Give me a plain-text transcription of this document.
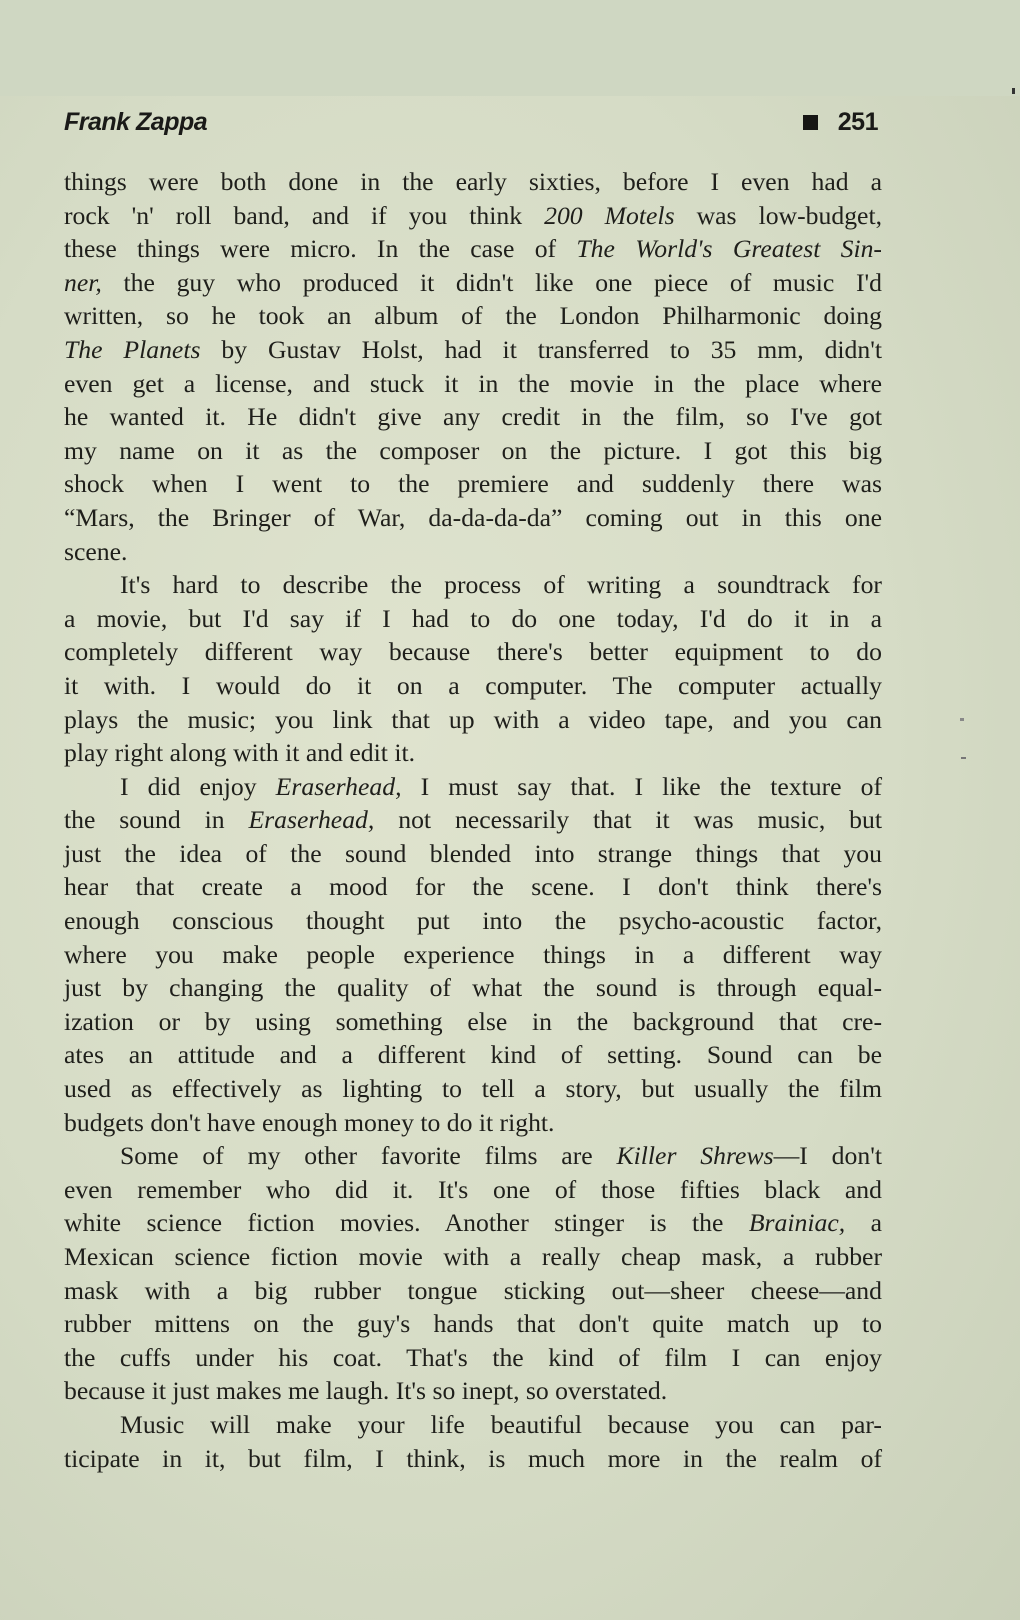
Frank Zappa	251
things were both done in the early sixties, before I even had a
rock 'n' roll band, and if you think 200 Motels was low-budget,
these things were micro. In the case of The World's Greatest Sin-
ner, the guy who produced it didn't like one piece of music I'd
written, so he took an album of the London Philharmonic doing
The Planets by Gustav Holst, had it transferred to 35 mm, didn't
even get a license, and stuck it in the movie in the place where
he wanted it. He didn't give any credit in the film, so I've got
my name on it as the composer on the picture. I got this big
shock when I went to the premiere and suddenly there was
“Mars, the Bringer of War, da-da-da-da” coming out in this one
scene.
It's hard to describe the process of writing a soundtrack for
a movie, but I'd say if I had to do one today, I'd do it in a
completely different way because there's better equipment to do
it with. I would do it on a computer. The computer actually
plays the music; you link that up with a video tape, and you can
play right along with it and edit it.
I did enjoy Eraserhead, I must say that. I like the texture of
the sound in Eraserhead, not necessarily that it was music, but
just the idea of the sound blended into strange things that you
hear that create a mood for the scene. I don't think there's
enough conscious thought put into the psycho-acoustic factor,
where you make people experience things in a different way
just by changing the quality of what the sound is through equal-
ization or by using something else in the background that cre-
ates an attitude and a different kind of setting. Sound can be
used as effectively as lighting to tell a story, but usually the film
budgets don't have enough money to do it right.
Some of my other favorite films are Killer Shrews—I don't
even remember who did it. It's one of those fifties black and
white science fiction movies. Another stinger is the Brainiac, a
Mexican science fiction movie with a really cheap mask, a rubber
mask with a big rubber tongue sticking out—sheer cheese—and
rubber mittens on the guy's hands that don't quite match up to
the cuffs under his coat. That's the kind of film I can enjoy
because it just makes me laugh. It's so inept, so overstated.
Music will make your life beautiful because you can par-
ticipate in it, but film, I think, is much more in the realm of
